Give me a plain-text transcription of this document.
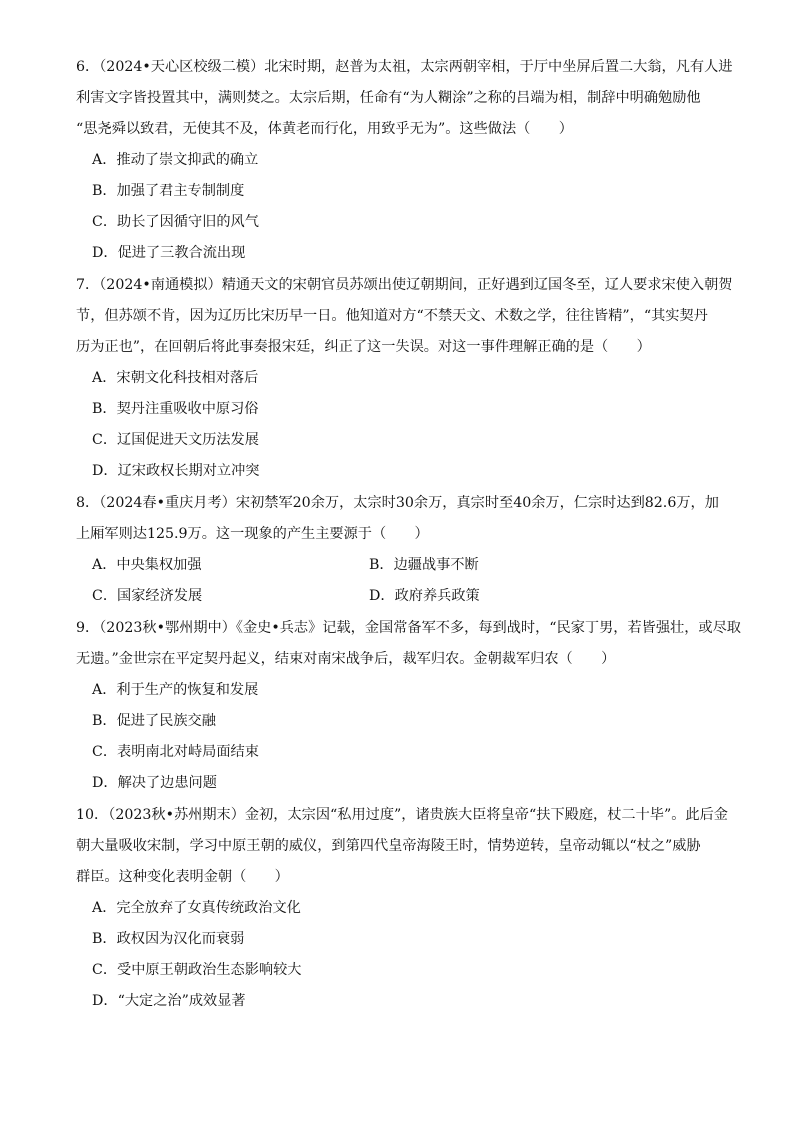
6．（2024•天心区校级二模）北宋时期，赵普为太祖，太宗两朝宰相，于厅中坐屏后置二大翁，凡有人进
利害文字皆投置其中，满则焚之。太宗后期，任命有“为人糊涂”之称的吕端为相，制辞中明确勉励他
“思尧舜以致君，无使其不及，体黄老而行化，用致乎无为”。这些做法（　　）
A．推动了崇文抑武的确立
B．加强了君主专制制度
C．助长了因循守旧的风气
D．促进了三教合流出现
7．（2024•南通模拟）精通天文的宋朝官员苏颂出使辽朝期间，正好遇到辽国冬至，辽人要求宋使入朝贺
节，但苏颂不肯，因为辽历比宋历早一日。他知道对方“不禁天文、术数之学，往往皆精”，“其实契丹
历为正也”，在回朝后将此事奏报宋廷，纠正了这一失误。对这一事件理解正确的是（　　）
A．宋朝文化科技相对落后
B．契丹注重吸收中原习俗
C．辽国促进天文历法发展
D．辽宋政权长期对立冲突
8．（2024春•重庆月考）宋初禁军20余万，太宗时30余万，真宗时至40余万，仁宗时达到82.6万，加
上厢军则达125.9万。这一现象的产生主要源于（　　）
A．中央集权加强	B．边疆战事不断
C．国家经济发展	D．政府养兵政策
9．（2023秋•鄂州期中）《金史•兵志》记载，金国常备军不多，每到战时，“民家丁男，若皆强壮，或尽取
无遗。”金世宗在平定契丹起义，结束对南宋战争后，裁军归农。金朝裁军归农（　　）
A．利于生产的恢复和发展
B．促进了民族交融
C．表明南北对峙局面结束
D．解决了边患问题
10．（2023秋•苏州期末）金初，太宗因“私用过度”，诸贵族大臣将皇帝“扶下殿庭，杖二十毕”。此后金
朝大量吸收宋制，学习中原王朝的威仪，到第四代皇帝海陵王时，情势逆转，皇帝动辄以“杖之”威胁
群臣。这种变化表明金朝（　　）
A．完全放弃了女真传统政治文化
B．政权因为汉化而衰弱
C．受中原王朝政治生态影响较大
D．“大定之治”成效显著
